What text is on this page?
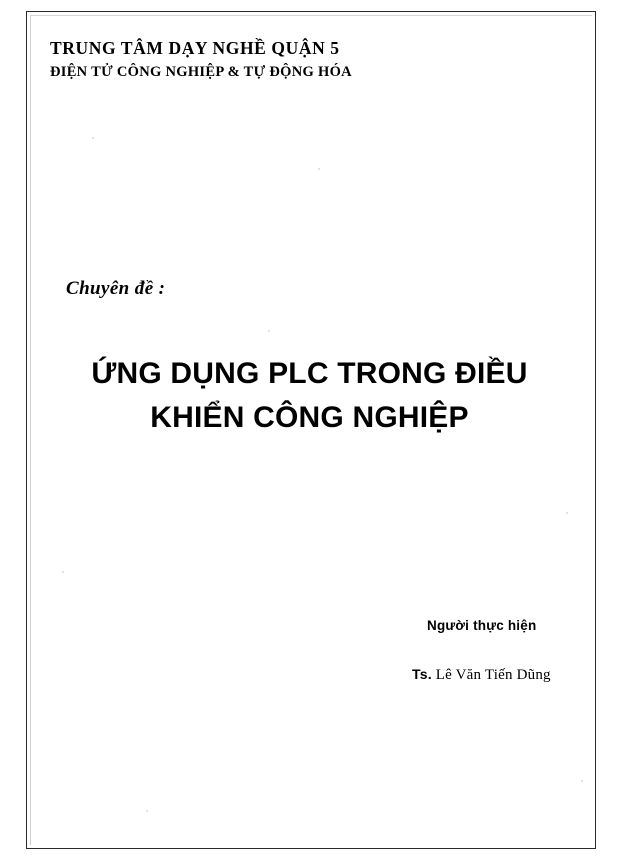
TRUNG TÂM DẠY NGHỀ QUẬN 5
ĐIỆN TỬ CÔNG NGHIỆP & TỰ ĐỘNG HÓA
Chuyên đề :
ỨNG DỤNG PLC TRONG ĐIỀU
KHIỂN CÔNG NGHIỆP
Người thực hiện
Ts. Lê Văn Tiến Dũng
